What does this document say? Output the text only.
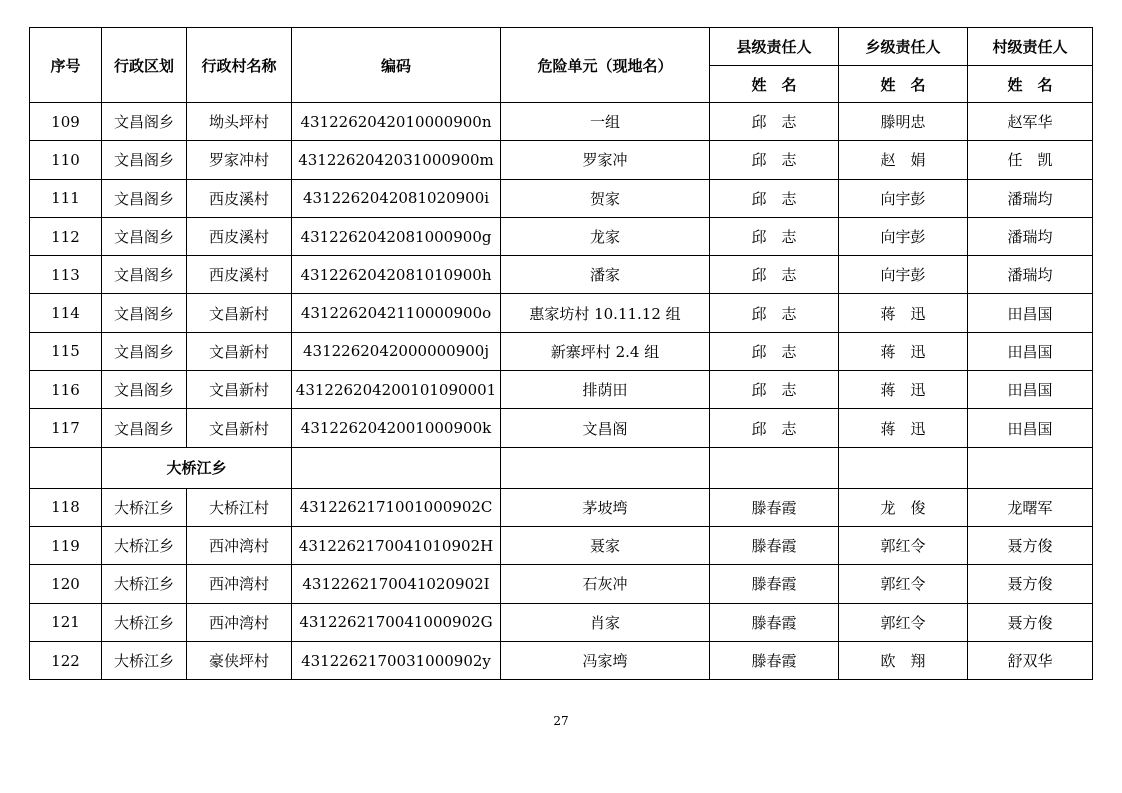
序号	行政区划	行政村名称	编码	危险单元（现地名）	县级责任人	乡级责任人	村级责任人
					姓　名	姓　名	姓　名
109	文昌阁乡	坳头坪村	4312262042010000900n	一组	邱　志	滕明忠	赵军华
110	文昌阁乡	罗家冲村	4312262042031000900m	罗家冲	邱　志	赵　娟	任　凯
111	文昌阁乡	西皮溪村	4312262042081020900i	贺家	邱　志	向宇彭	潘瑞均
112	文昌阁乡	西皮溪村	4312262042081000900g	龙家	邱　志	向宇彭	潘瑞均
113	文昌阁乡	西皮溪村	4312262042081010900h	潘家	邱　志	向宇彭	潘瑞均
114	文昌阁乡	文昌新村	4312262042110000900o	惠家坊村 10.11.12 组	邱　志	蒋　迅	田昌国
115	文昌阁乡	文昌新村	4312262042000000900j	新寨坪村 2.4 组	邱　志	蒋　迅	田昌国
116	文昌阁乡	文昌新村	431226204200101090001	排荫田	邱　志	蒋　迅	田昌国
117	文昌阁乡	文昌新村	4312262042001000900k	文昌阁	邱　志	蒋　迅	田昌国
	大桥江乡						
118	大桥江乡	大桥江村	4312262171001000902C	茅坡塆	滕春霞	龙　俊	龙曙军
119	大桥江乡	西冲湾村	4312262170041010902H	聂家	滕春霞	郭红令	聂方俊
120	大桥江乡	西冲湾村	4312262170041020902I	石灰冲	滕春霞	郭红令	聂方俊
121	大桥江乡	西冲湾村	4312262170041000902G	肖家	滕春霞	郭红令	聂方俊
122	大桥江乡	豪侠坪村	4312262170031000902y	冯家塆	滕春霞	欧　翔	舒双华
27
